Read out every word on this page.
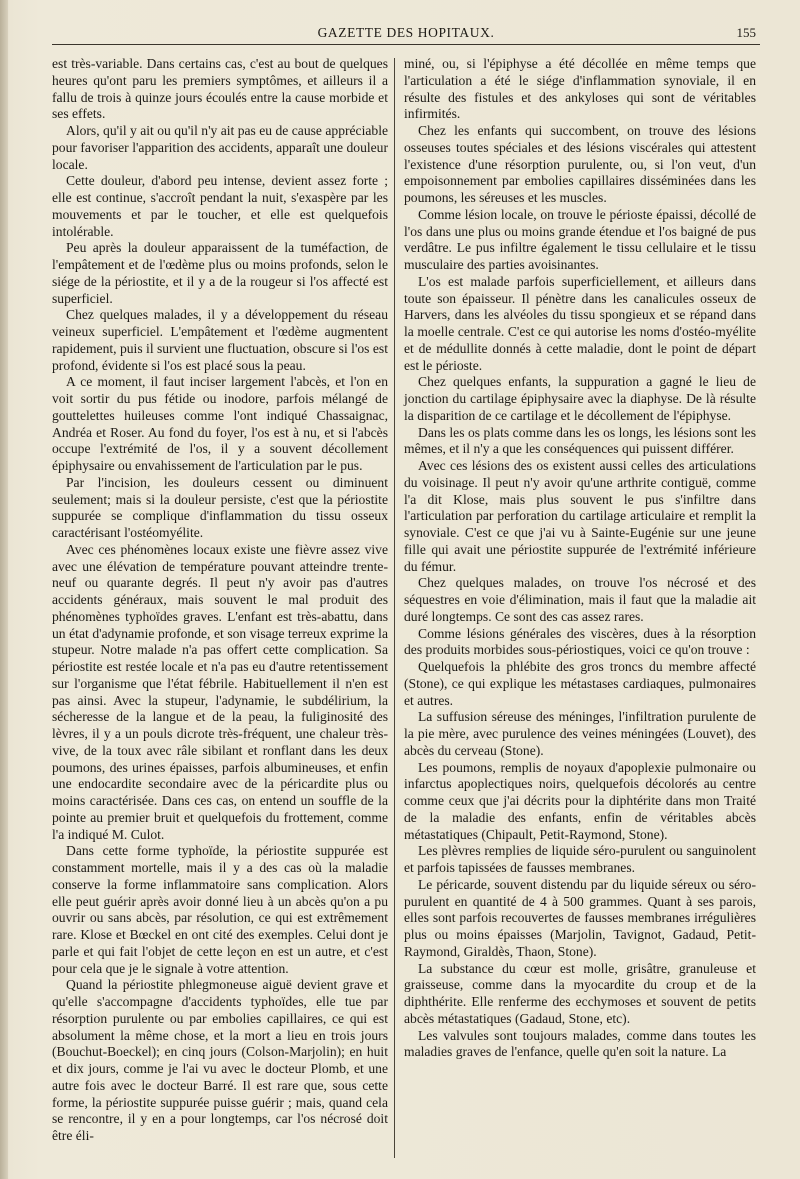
GAZETTE DES HOPITAUX.	155

est très-variable. Dans certains cas, c'est au bout de quelques heures qu'ont paru les premiers symptômes, et ailleurs il a fallu de trois à quinze jours écoulés entre la cause morbide et ses effets.

Alors, qu'il y ait ou qu'il n'y ait pas eu de cause appréciable pour favoriser l'apparition des accidents, apparaît une douleur locale.

Cette douleur, d'abord peu intense, devient assez forte ; elle est continue, s'accroît pendant la nuit, s'exaspère par les mouvements et par le toucher, et elle est quelquefois intolérable.

Peu après la douleur apparaissent de la tuméfaction, de l'empâtement et de l'œdème plus ou moins profonds, selon le siége de la périostite, et il y a de la rougeur si l'os affecté est superficiel.

Chez quelques malades, il y a développement du réseau veineux superficiel. L'empâtement et l'œdème augmentent rapidement, puis il survient une fluctuation, obscure si l'os est profond, évidente si l'os est placé sous la peau.

A ce moment, il faut inciser largement l'abcès, et l'on en voit sortir du pus fétide ou inodore, parfois mélangé de gouttelettes huileuses comme l'ont indiqué Chassaignac, Andréa et Roser. Au fond du foyer, l'os est à nu, et si l'abcès occupe l'extrémité de l'os, il y a souvent décollement épiphysaire ou envahissement de l'articulation par le pus.

Par l'incision, les douleurs cessent ou diminuent seulement; mais si la douleur persiste, c'est que la périostite suppurée se complique d'inflammation du tissu osseux caractérisant l'ostéomyélite.

Avec ces phénomènes locaux existe une fièvre assez vive avec une élévation de température pouvant atteindre trente-neuf ou quarante degrés. Il peut n'y avoir pas d'autres accidents généraux, mais souvent le mal produit des phénomènes typhoïdes graves. L'enfant est très-abattu, dans un état d'adynamie profonde, et son visage terreux exprime la stupeur. Notre malade n'a pas offert cette complication. Sa périostite est restée locale et n'a pas eu d'autre retentissement sur l'organisme que l'état fébrile. Habituellement il n'en est pas ainsi. Avec la stupeur, l'adynamie, le subdélirium, la sécheresse de la langue et de la peau, la fuliginosité des lèvres, il y a un pouls dicrote très-fréquent, une chaleur très-vive, de la toux avec râle sibilant et ronflant dans les deux poumons, des urines épaisses, parfois albumineuses, et enfin une endocardite secondaire avec de la péricardite plus ou moins caractérisée. Dans ces cas, on entend un souffle de la pointe au premier bruit et quelquefois du frottement, comme l'a indiqué M. Culot.

Dans cette forme typhoïde, la périostite suppurée est constamment mortelle, mais il y a des cas où la maladie conserve la forme inflammatoire sans complication. Alors elle peut guérir après avoir donné lieu à un abcès qu'on a pu ouvrir ou sans abcès, par résolution, ce qui est extrêmement rare. Klose et Bœckel en ont cité des exemples. Celui dont je parle et qui fait l'objet de cette leçon en est un autre, et c'est pour cela que je le signale à votre attention.

Quand la périostite phlegmoneuse aiguë devient grave et qu'elle s'accompagne d'accidents typhoïdes, elle tue par résorption purulente ou par embolies capillaires, ce qui est absolument la même chose, et la mort a lieu en trois jours (Bouchut-Boeckel); en cinq jours (Colson-Marjolin); en huit et dix jours, comme je l'ai vu avec le docteur Plomb, et une autre fois avec le docteur Barré. Il est rare que, sous cette forme, la périostite suppurée puisse guérir ; mais, quand cela se rencontre, il y en a pour longtemps, car l'os nécrosé doit être éli-

miné, ou, si l'épiphyse a été décollée en même temps que l'articulation a été le siége d'inflammation synoviale, il en résulte des fistules et des ankyloses qui sont de véritables infirmités.

Chez les enfants qui succombent, on trouve des lésions osseuses toutes spéciales et des lésions viscérales qui attestent l'existence d'une résorption purulente, ou, si l'on veut, d'un empoisonnement par embolies capillaires disséminées dans les poumons, les séreuses et les muscles.

Comme lésion locale, on trouve le périoste épaissi, décollé de l'os dans une plus ou moins grande étendue et l'os baigné de pus verdâtre. Le pus infiltre également le tissu cellulaire et le tissu musculaire des parties avoisinantes.

L'os est malade parfois superficiellement, et ailleurs dans toute son épaisseur. Il pénètre dans les canalicules osseux de Harvers, dans les alvéoles du tissu spongieux et se répand dans la moelle centrale. C'est ce qui autorise les noms d'ostéo-myélite et de médullite donnés à cette maladie, dont le point de départ est le périoste.

Chez quelques enfants, la suppuration a gagné le lieu de jonction du cartilage épiphysaire avec la diaphyse. De là résulte la disparition de ce cartilage et le décollement de l'épiphyse.

Dans les os plats comme dans les os longs, les lésions sont les mêmes, et il n'y a que les conséquences qui puissent différer.

Avec ces lésions des os existent aussi celles des articulations du voisinage. Il peut n'y avoir qu'une arthrite contiguë, comme l'a dit Klose, mais plus souvent le pus s'infiltre dans l'articulation par perforation du cartilage articulaire et remplit la synoviale. C'est ce que j'ai vu à Sainte-Eugénie sur une jeune fille qui avait une périostite suppurée de l'extrémité inférieure du fémur.

Chez quelques malades, on trouve l'os nécrosé et des séquestres en voie d'élimination, mais il faut que la maladie ait duré longtemps. Ce sont des cas assez rares.

Comme lésions générales des viscères, dues à la résorption des produits morbides sous-périostiques, voici ce qu'on trouve :

Quelquefois la phlébite des gros troncs du membre affecté (Stone), ce qui explique les métastases cardiaques, pulmonaires et autres.

La suffusion séreuse des méninges, l'infiltration purulente de la pie mère, avec purulence des veines méningées (Louvet), des abcès du cerveau (Stone).

Les poumons, remplis de noyaux d'apoplexie pulmonaire ou infarctus apoplectiques noirs, quelquefois décolorés au centre comme ceux que j'ai décrits pour la diphtérite dans mon Traité de la maladie des enfants, enfin de véritables abcès métastatiques (Chipault, Petit-Raymond, Stone).

Les plèvres remplies de liquide séro-purulent ou sanguinolent et parfois tapissées de fausses membranes.

Le péricarde, souvent distendu par du liquide séreux ou séro-purulent en quantité de 4 à 500 grammes. Quant à ses parois, elles sont parfois recouvertes de fausses membranes irrégulières plus ou moins épaisses (Marjolin, Tavignot, Gadaud, Petit-Raymond, Giraldès, Thaon, Stone).

La substance du cœur est molle, grisâtre, granuleuse et graisseuse, comme dans la myocardite du croup et de la diphthérite. Elle renferme des ecchymoses et souvent de petits abcès métastatiques (Gadaud, Stone, etc).

Les valvules sont toujours malades, comme dans toutes les maladies graves de l'enfance, quelle qu'en soit la nature. La
